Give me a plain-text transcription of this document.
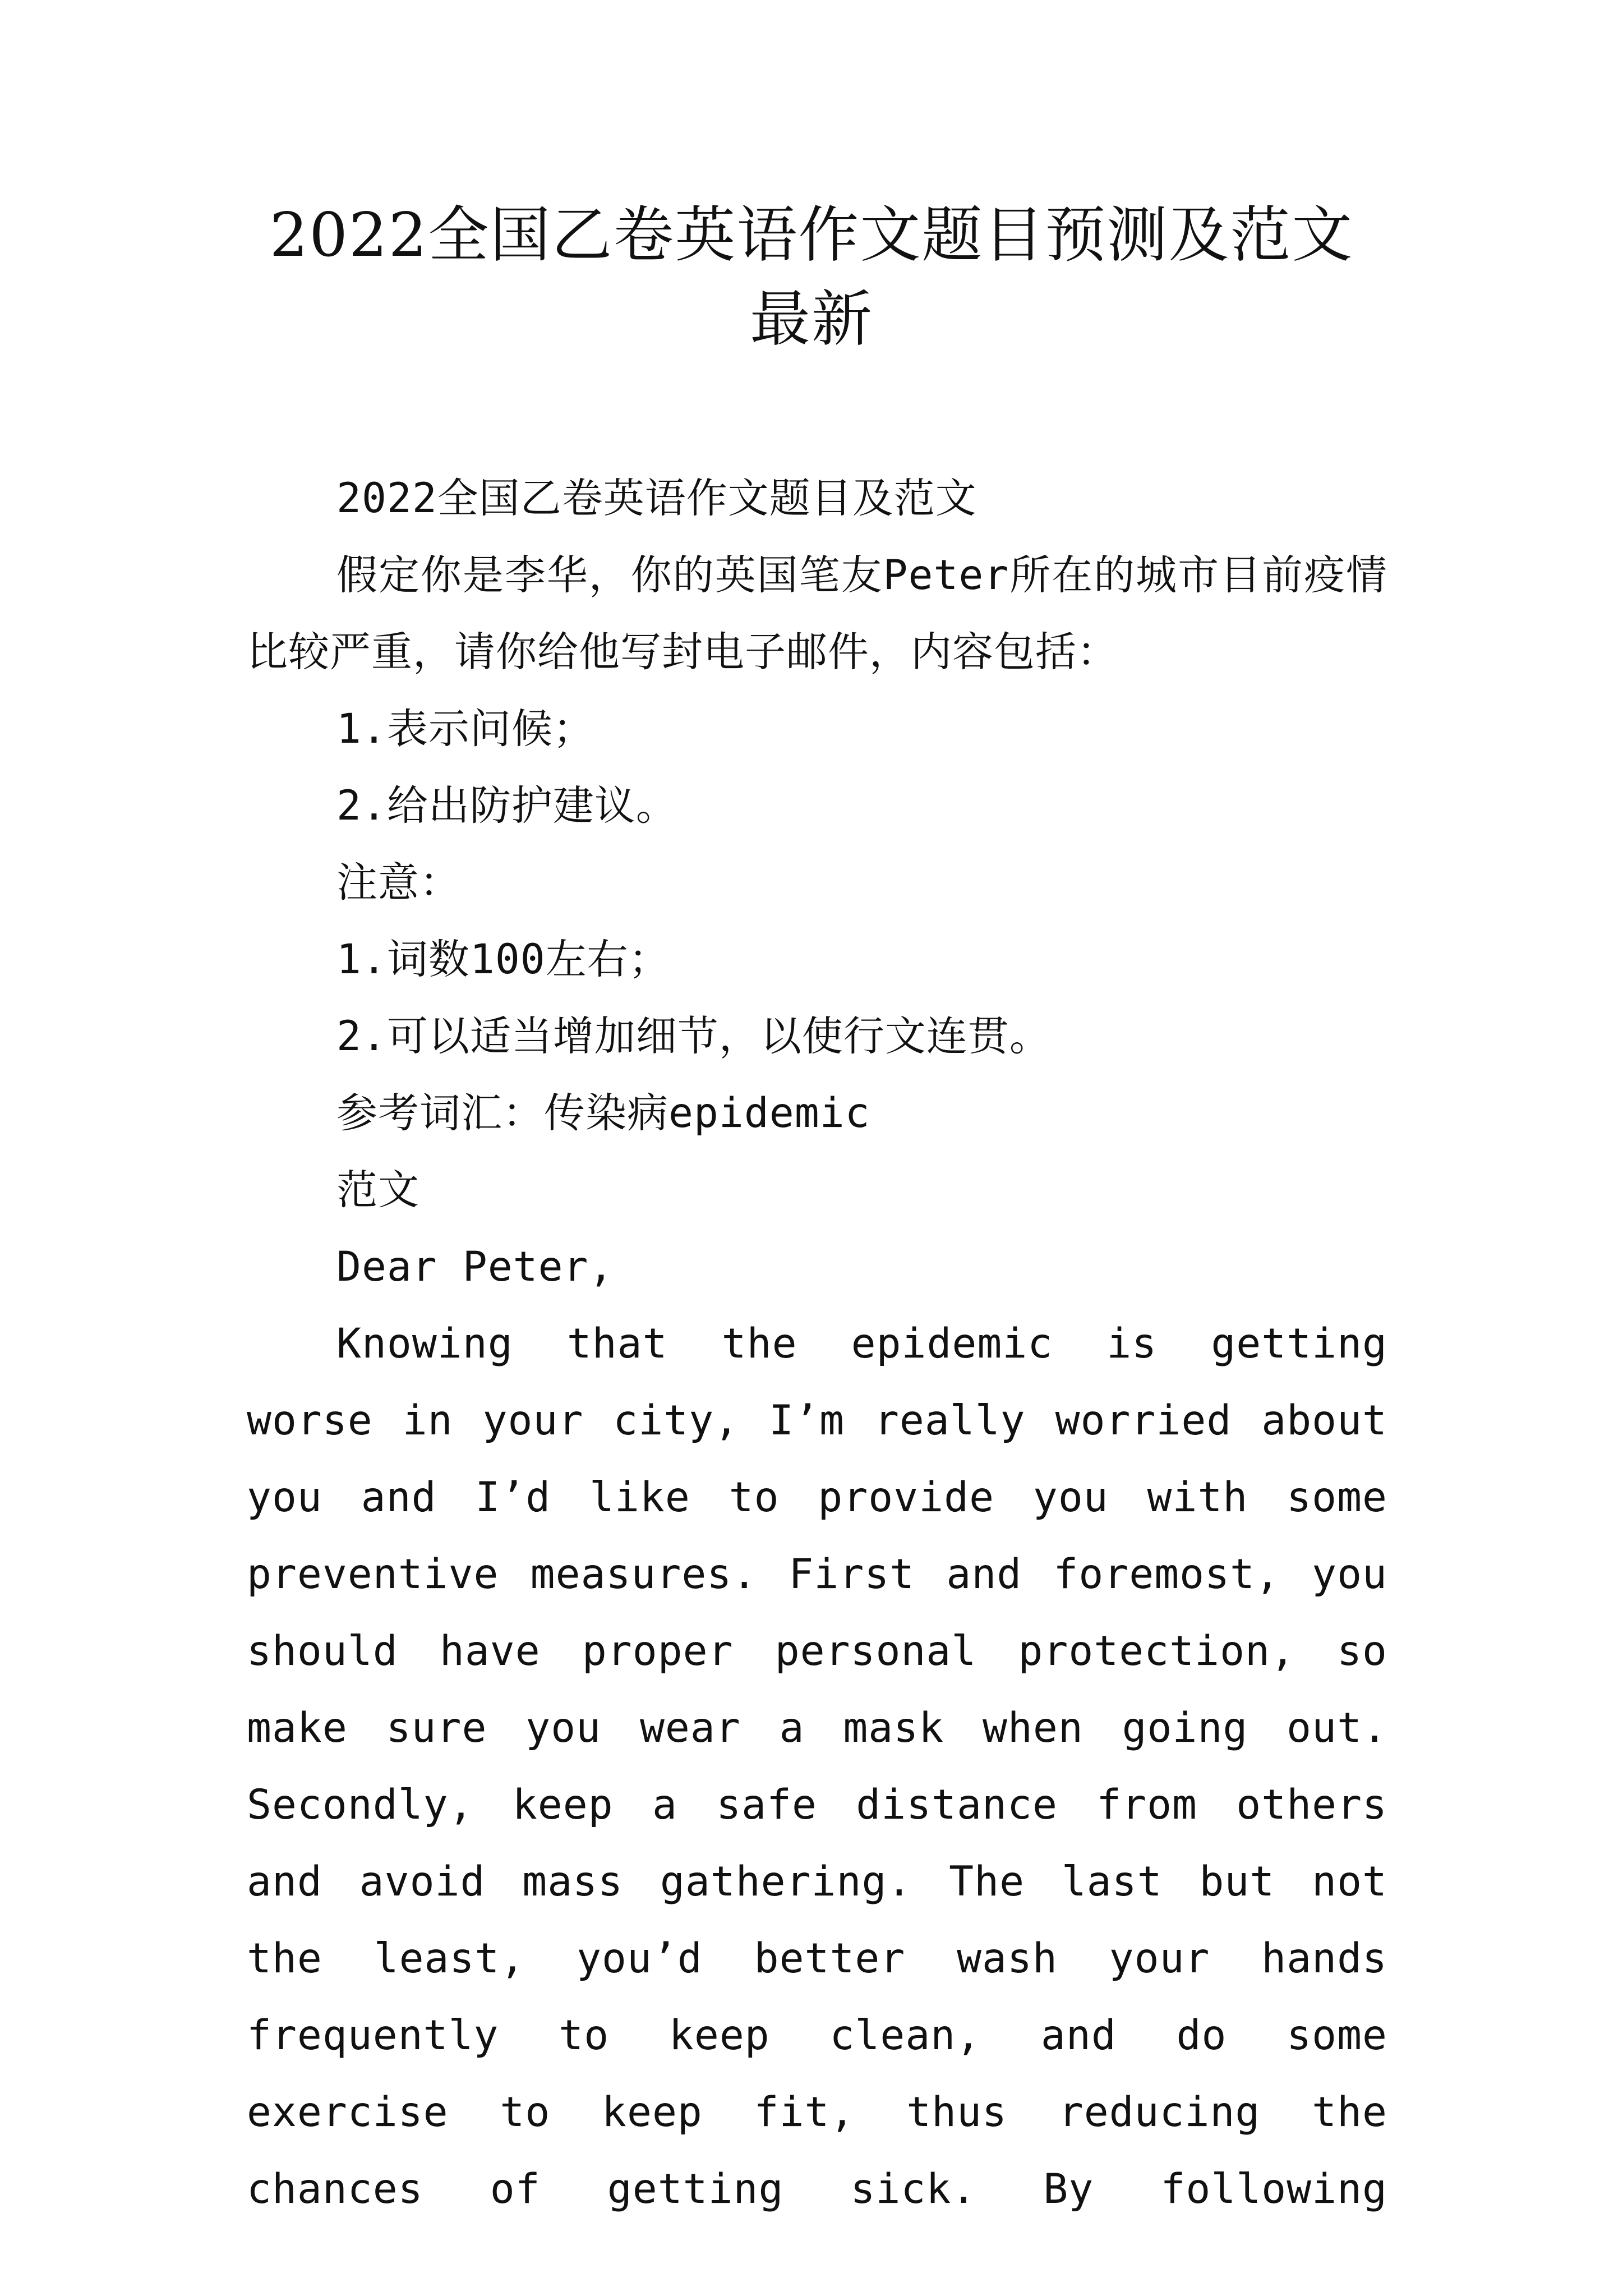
2022全国乙卷英语作文题目预测及范文最新

2022全国乙卷英语作文题目及范文

假定你是李华，你的英国笔友Peter所在的城市目前疫情比较严重，请你给他写封电子邮件，内容包括：

1.表示问候；

2.给出防护建议。

注意：

1.词数100左右；

2.可以适当增加细节，以使行文连贯。

参考词汇：传染病epidemic

范文

Dear Peter,

Knowing that the epidemic is getting worse in your city, I’m really worried about you and I’d like to provide you with some preventive measures. First and foremost, you should have proper personal protection, so make sure you wear a mask when going out. Secondly, keep a safe distance from others and avoid mass gathering. The last but not the least, you’d better wash your hands frequently to keep clean, and do some exercise to keep fit, thus reducing the chances of getting sick. By following
